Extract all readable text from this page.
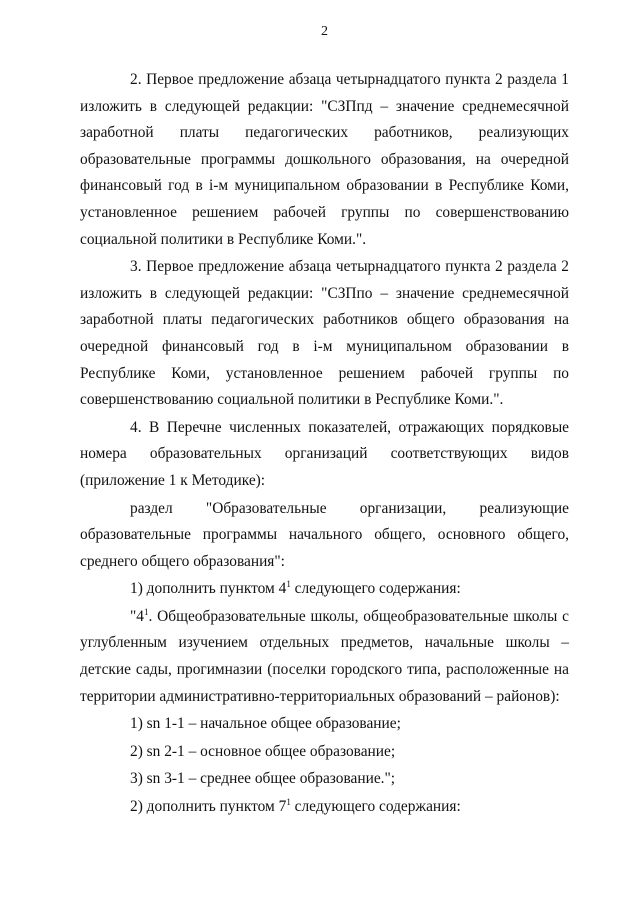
2

2. Первое предложение абзаца четырнадцатого пункта 2 раздела 1 изложить в следующей редакции: "СЗПпд – значение среднемесячной заработной платы педагогических работников, реализующих образовательные программы дошкольного образования, на очередной финансовый год в i-м муниципальном образовании в Республике Коми, установленное решением рабочей группы по совершенствованию социальной политики в Республике Коми.".

3. Первое предложение абзаца четырнадцатого пункта 2 раздела 2 изложить в следующей редакции: "СЗПпо – значение среднемесячной заработной платы педагогических работников общего образования на очередной финансовый год в i-м муниципальном образовании в Республике Коми, установленное решением рабочей группы по совершенствованию социальной политики в Республике Коми.".

4. В Перечне численных показателей, отражающих порядковые номера образовательных организаций соответствующих видов (приложение 1 к Методике):

раздел "Образовательные организации, реализующие образовательные программы начального общего, основного общего, среднего общего образования":

1) дополнить пунктом $4^1$ следующего содержания:

"$4^1$. Общеобразовательные школы, общеобразовательные школы с углубленным изучением отдельных предметов, начальные школы – детские сады, прогимназии (поселки городского типа, расположенные на территории административно-территориальных образований – районов):

1) sn 1-1 – начальное общее образование;

2) sn 2-1 – основное общее образование;

3) sn 3-1 – среднее общее образование.";

2) дополнить пунктом $7^1$ следующего содержания:
